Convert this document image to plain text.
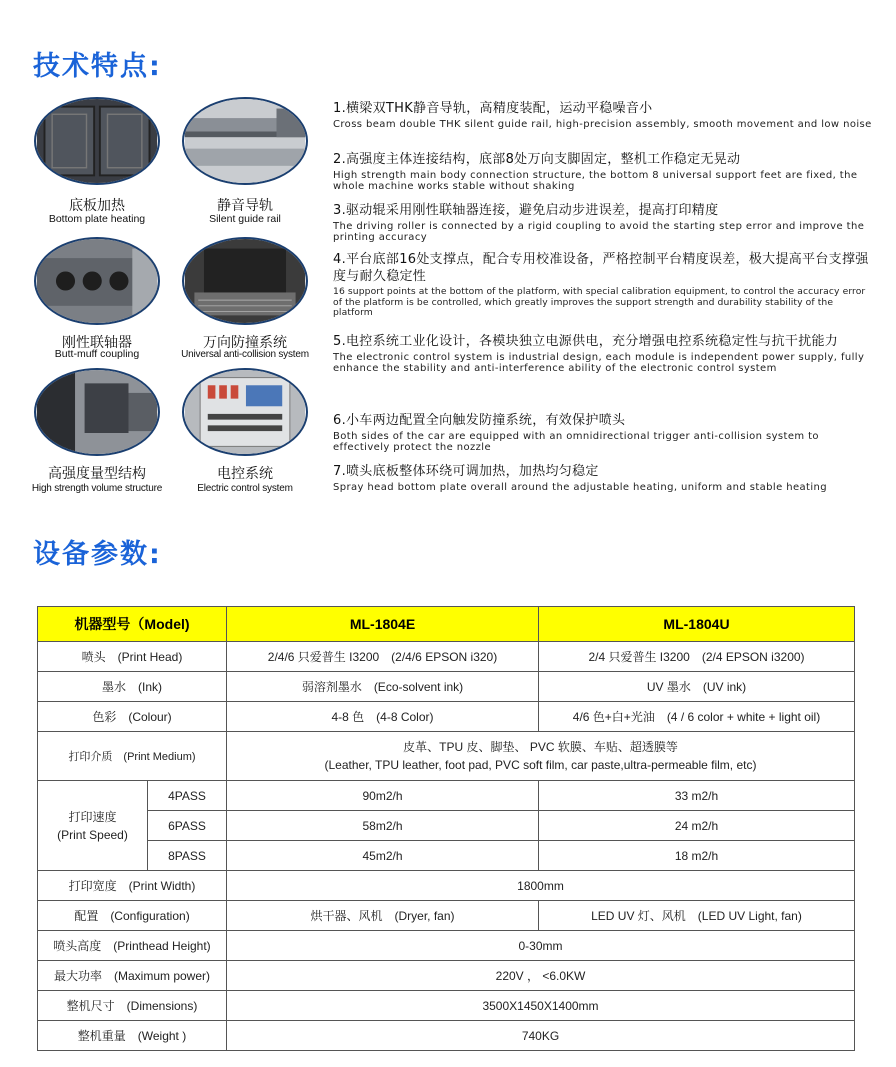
技术特点:
底板加热
Bottom plate heating
静音导轨
Silent guide rail
刚性联轴器
Butt-muff coupling
万向防撞系统
Universal anti-collision system
高强度量型结构
High strength volume structure
电控系统
Electric control system
1.横梁双THK静音导轨，高精度装配，运动平稳噪音小
Cross beam double THK silent guide rail, high-precision assembly, smooth movement and low noise
2.高强度主体连接结构，底部8处万向支脚固定，整机工作稳定无晃动
High strength main body connection structure, the bottom 8 universal support feet are fixed, the whole machine works stable without shaking
3.驱动辊采用刚性联轴器连接，避免启动步进误差，提高打印精度
The driving roller is connected by a rigid coupling to avoid the starting step error and improve the printing accuracy
4.平台底部16处支撑点，配合专用校准设备，严格控制平台精度误差，极大提高平台支撑强度与耐久稳定性
16 support points at the bottom of the platform, with special calibration equipment, to control the accuracy error of the platform is be controlled, which greatly improves the support strength and durability stability of the platform
5.电控系统工业化设计，各模块独立电源供电，充分增强电控系统稳定性与抗干扰能力
The electronic control system is industrial design, each module is independent power supply, fully enhance the stability and anti-interference ability of the electronic control system
6.小车两边配置全向触发防撞系统，有效保护喷头
Both sides of the car are equipped with an omnidirectional trigger anti-collision system to effectively protect the nozzle
7.喷头底板整体环绕可调加热，加热均匀稳定
Spray head bottom plate overall around the adjustable heating, uniform and stable heating
设备参数:
机器型号（Model)		ML-1804E	ML-1804U
喷头　(Print Head)		2/4/6 只爱普生 I3200　(2/4/6 EPSON i320)	2/4 只爱普生 I3200　(2/4 EPSON i3200)
墨水　(Ink)		弱溶剂墨水　(Eco-solvent ink)	UV 墨水　(UV ink)
色彩　(Colour)		4-8 色　(4-8 Color)	4/6 色+白+光油　(4 / 6 color + white + light oil)
打印介质　(Print Medium)		皮革、TPU 皮、脚垫、 PVC 软膜、车贴、超透膜等
(Leather, TPU leather, foot pad, PVC soft film, car paste,ultra-permeable film, etc)	

打印速度
(Print Speed)	4PASS	90m2/h	33 m2/h
	6PASS	58m2/h	24 m2/h
	8PASS	45m2/h	18 m2/h
打印宽度　(Print Width)		1800mm	
配置　(Configuration)		烘干器、风机　(Dryer, fan)	LED UV 灯、风机　(LED UV Light, fan)
喷头高度　(Printhead Height)		0-30mm	
最大功率　(Maximum power)		220V ， <6.0KW	
整机尺寸　(Dimensions)		3500X1450X1400mm	
整机重量　(Weight )		740KG	
